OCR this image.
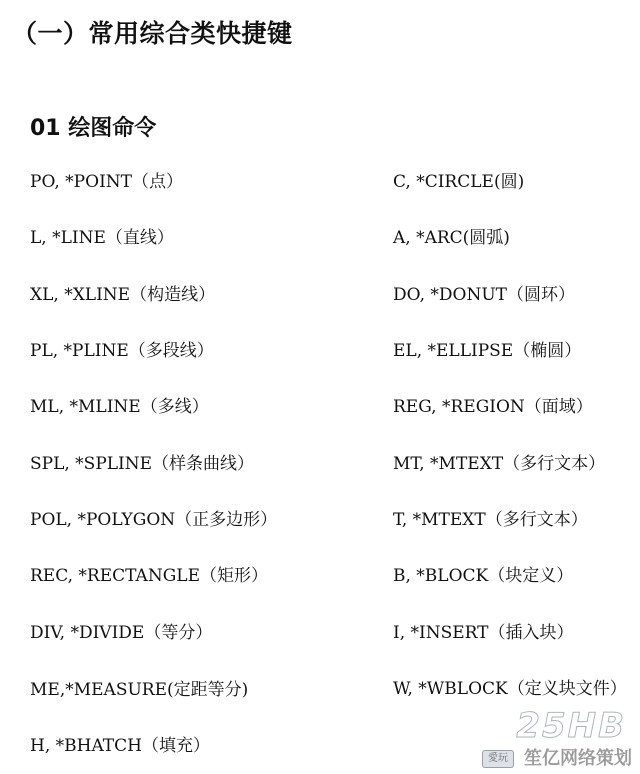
（一）常用综合类快捷键
01 绘图命令
PO, *POINT（点）
L, *LINE（直线）
XL, *XLINE（构造线）
PL, *PLINE（多段线）
ML, *MLINE（多线）
SPL, *SPLINE（样条曲线）
POL, *POLYGON（正多边形）
REC, *RECTANGLE（矩形）
DIV, *DIVIDE（等分）
ME,*MEASURE(定距等分)
H, *BHATCH（填充）
C, *CIRCLE(圆)
A, *ARC(圆弧)
DO, *DONUT（圆环）
EL, *ELLIPSE（椭圆）
REG, *REGION（面域）
MT, *MTEXT（多行文本）
T, *MTEXT（多行文本）
B, *BLOCK（块定义）
I, *INSERT（插入块）
W, *WBLOCK（定义块文件）
25HB
愛玩 笙亿网络策划
